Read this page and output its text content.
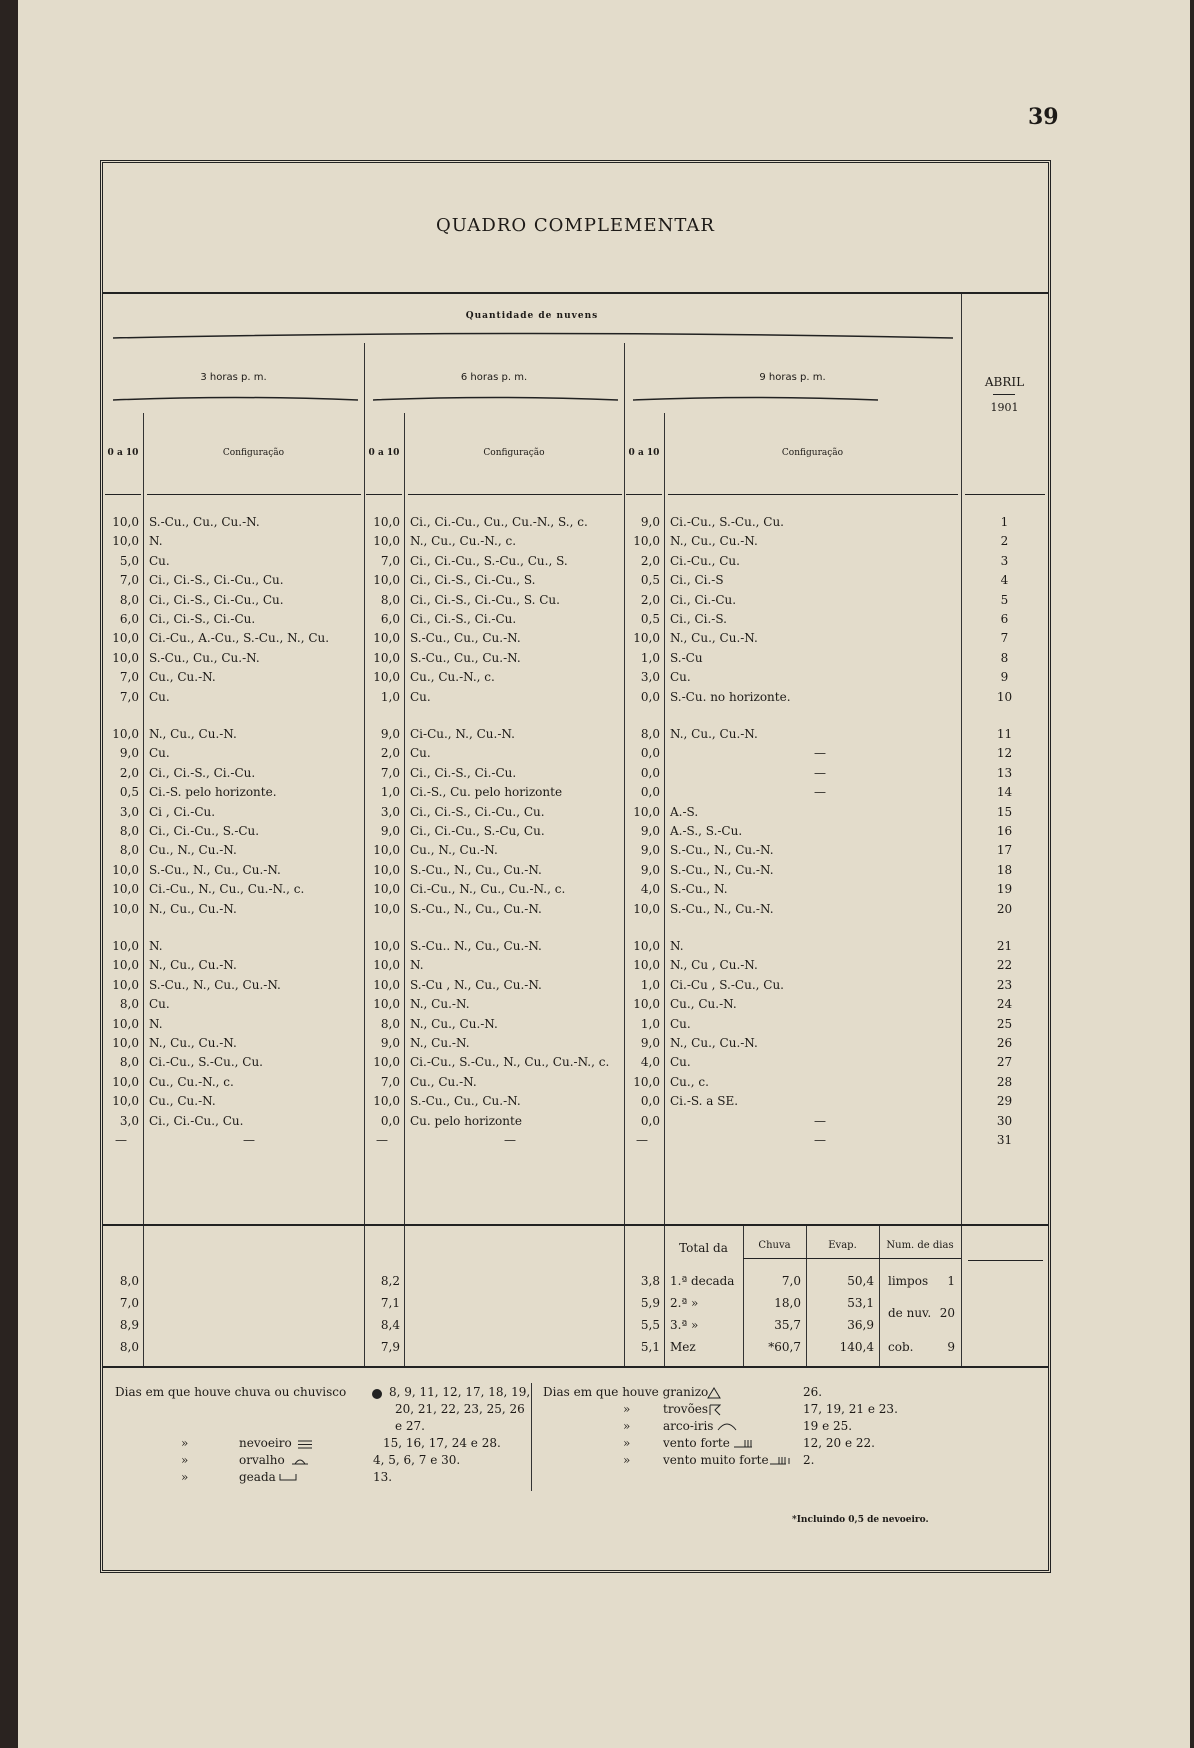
39
QUADRO COMPLEMENTAR
Quantidade de nuvens
3 horas p. m.	6 horas p. m.	9 horas p. m.	ABRIL
1901
0 a 10	Configuração	0 a 10	Configuração	0 a 10	Configuração
10,0 S.-Cu., Cu., Cu.-N.	10,0 Ci., Ci.-Cu., Cu., Cu.-N., S., c.	9,0 Ci.-Cu., S.-Cu., Cu.	1
10,0 N.	10,0 N., Cu., Cu.-N., c.	10,0 N., Cu., Cu.-N.	2
5,0 Cu.	7,0 Ci., Ci.-Cu., S.-Cu., Cu., S.	2,0 Ci.-Cu., Cu.	3
7,0 Ci., Ci.-S., Ci.-Cu., Cu.	10,0 Ci., Ci.-S., Ci.-Cu., S.	0,5 Ci., Ci.-S	4
8,0 Ci., Ci.-S., Ci.-Cu., Cu.	8,0 Ci., Ci.-S., Ci.-Cu., S. Cu.	2,0 Ci., Ci.-Cu.	5
6,0 Ci., Ci.-S., Ci.-Cu.	6,0 Ci., Ci.-S., Ci.-Cu.	0,5 Ci., Ci.-S.	6
10,0 Ci.-Cu., A.-Cu., S.-Cu., N., Cu.	10,0 S.-Cu., Cu., Cu.-N.	10,0 N., Cu., Cu.-N.	7
10,0 S.-Cu., Cu., Cu.-N.	10,0 S.-Cu., Cu., Cu.-N.	1,0 S.-Cu	8
7,0 Cu., Cu.-N.	10,0 Cu., Cu.-N., c.	3,0 Cu.	9
7,0 Cu.	1,0 Cu.	0,0 S.-Cu. no horizonte.	10
10,0 N., Cu., Cu.-N.	9,0 Ci-Cu., N., Cu.-N.	8,0 N., Cu., Cu.-N.	11
9,0 Cu.	2,0 Cu.	0,0	—	12
2,0 Ci., Ci.-S., Ci.-Cu.	7,0 Ci., Ci.-S., Ci.-Cu.	0,0	—	13
0,5 Ci.-S. pelo horizonte.	1,0 Ci.-S., Cu. pelo horizonte	0,0	—	14
3,0 Ci , Ci.-Cu.	3,0 Ci., Ci.-S., Ci.-Cu., Cu.	10,0 A.-S.	15
8,0 Ci., Ci.-Cu., S.-Cu.	9,0 Ci., Ci.-Cu., S.-Cu, Cu.	9,0 A.-S., S.-Cu.	16
8,0 Cu., N., Cu.-N.	10,0 Cu., N., Cu.-N.	9,0 S.-Cu., N., Cu.-N.	17
10,0 S.-Cu., N., Cu., Cu.-N.	10,0 S.-Cu., N., Cu., Cu.-N.	9,0 S.-Cu., N., Cu.-N.	18
10,0 Ci.-Cu., N., Cu., Cu.-N., c.	10,0 Ci.-Cu., N., Cu., Cu.-N., c.	4,0 S.-Cu., N.	19
10,0 N., Cu., Cu.-N.	10,0 S.-Cu., N., Cu., Cu.-N.	10,0 S.-Cu., N., Cu.-N.	20
10,0 N.	10,0 S.-Cu.. N., Cu., Cu.-N.	10,0 N.	21
10,0 N., Cu., Cu.-N.	10,0 N.	10,0 N., Cu , Cu.-N.	22
10,0 S.-Cu., N., Cu., Cu.-N.	10,0 S.-Cu , N., Cu., Cu.-N.	1,0 Ci.-Cu , S.-Cu., Cu.	23
8,0 Cu.	10,0 N., Cu.-N.	10,0 Cu., Cu.-N.	24
10,0 N.	8,0 N., Cu., Cu.-N.	1,0 Cu.	25
10,0 N., Cu., Cu.-N.	9,0 N., Cu.-N.	9,0 N., Cu., Cu.-N.	26
8,0 Ci.-Cu., S.-Cu., Cu.	10,0 Ci.-Cu., S.-Cu., N., Cu., Cu.-N., c.	4,0 Cu.	27
10,0 Cu., Cu.-N., c.	7,0 Cu., Cu.-N.	10,0 Cu., c.	28
10,0 Cu., Cu.-N.	10,0 S.-Cu., Cu., Cu.-N.	0,0 Ci.-S. a SE.	29
3,0 Ci., Ci.-Cu., Cu.	0,0 Cu. pelo horizonte	0,0	—	30
—	—	—	—	—	—	31
Total da	Chuva	Evap.	Num. de dias
8,0	8,2	3,8 1.ª decada	7,0	50,4
7,0	7,1	5,9 2.ª »	18,0	53,1
8,9	8,4	5,5 3.ª »	35,7	36,9
8,0	7,9	5,1 Mez	*60,7	140,4
limpos	1
de nuv. 20
cob.	9
Dias em que houve chuva ou chuvisco	8, 9, 11, 12, 17, 18, 19,
20, 21, 22, 23, 25, 26
e 27.
»	nevoeiro	15, 16, 17, 24 e 28.
»	orvalho	4, 5, 6, 7 e 30.
»	geada	13.
Dias em que houve granizo	26.
»	trovões	17, 19, 21 e 23.
»	arco-iris	19 e 25.
»	vento forte	12, 20 e 22.
»	vento muito forte	2.
*Incluindo 0,5 de nevoeiro.
